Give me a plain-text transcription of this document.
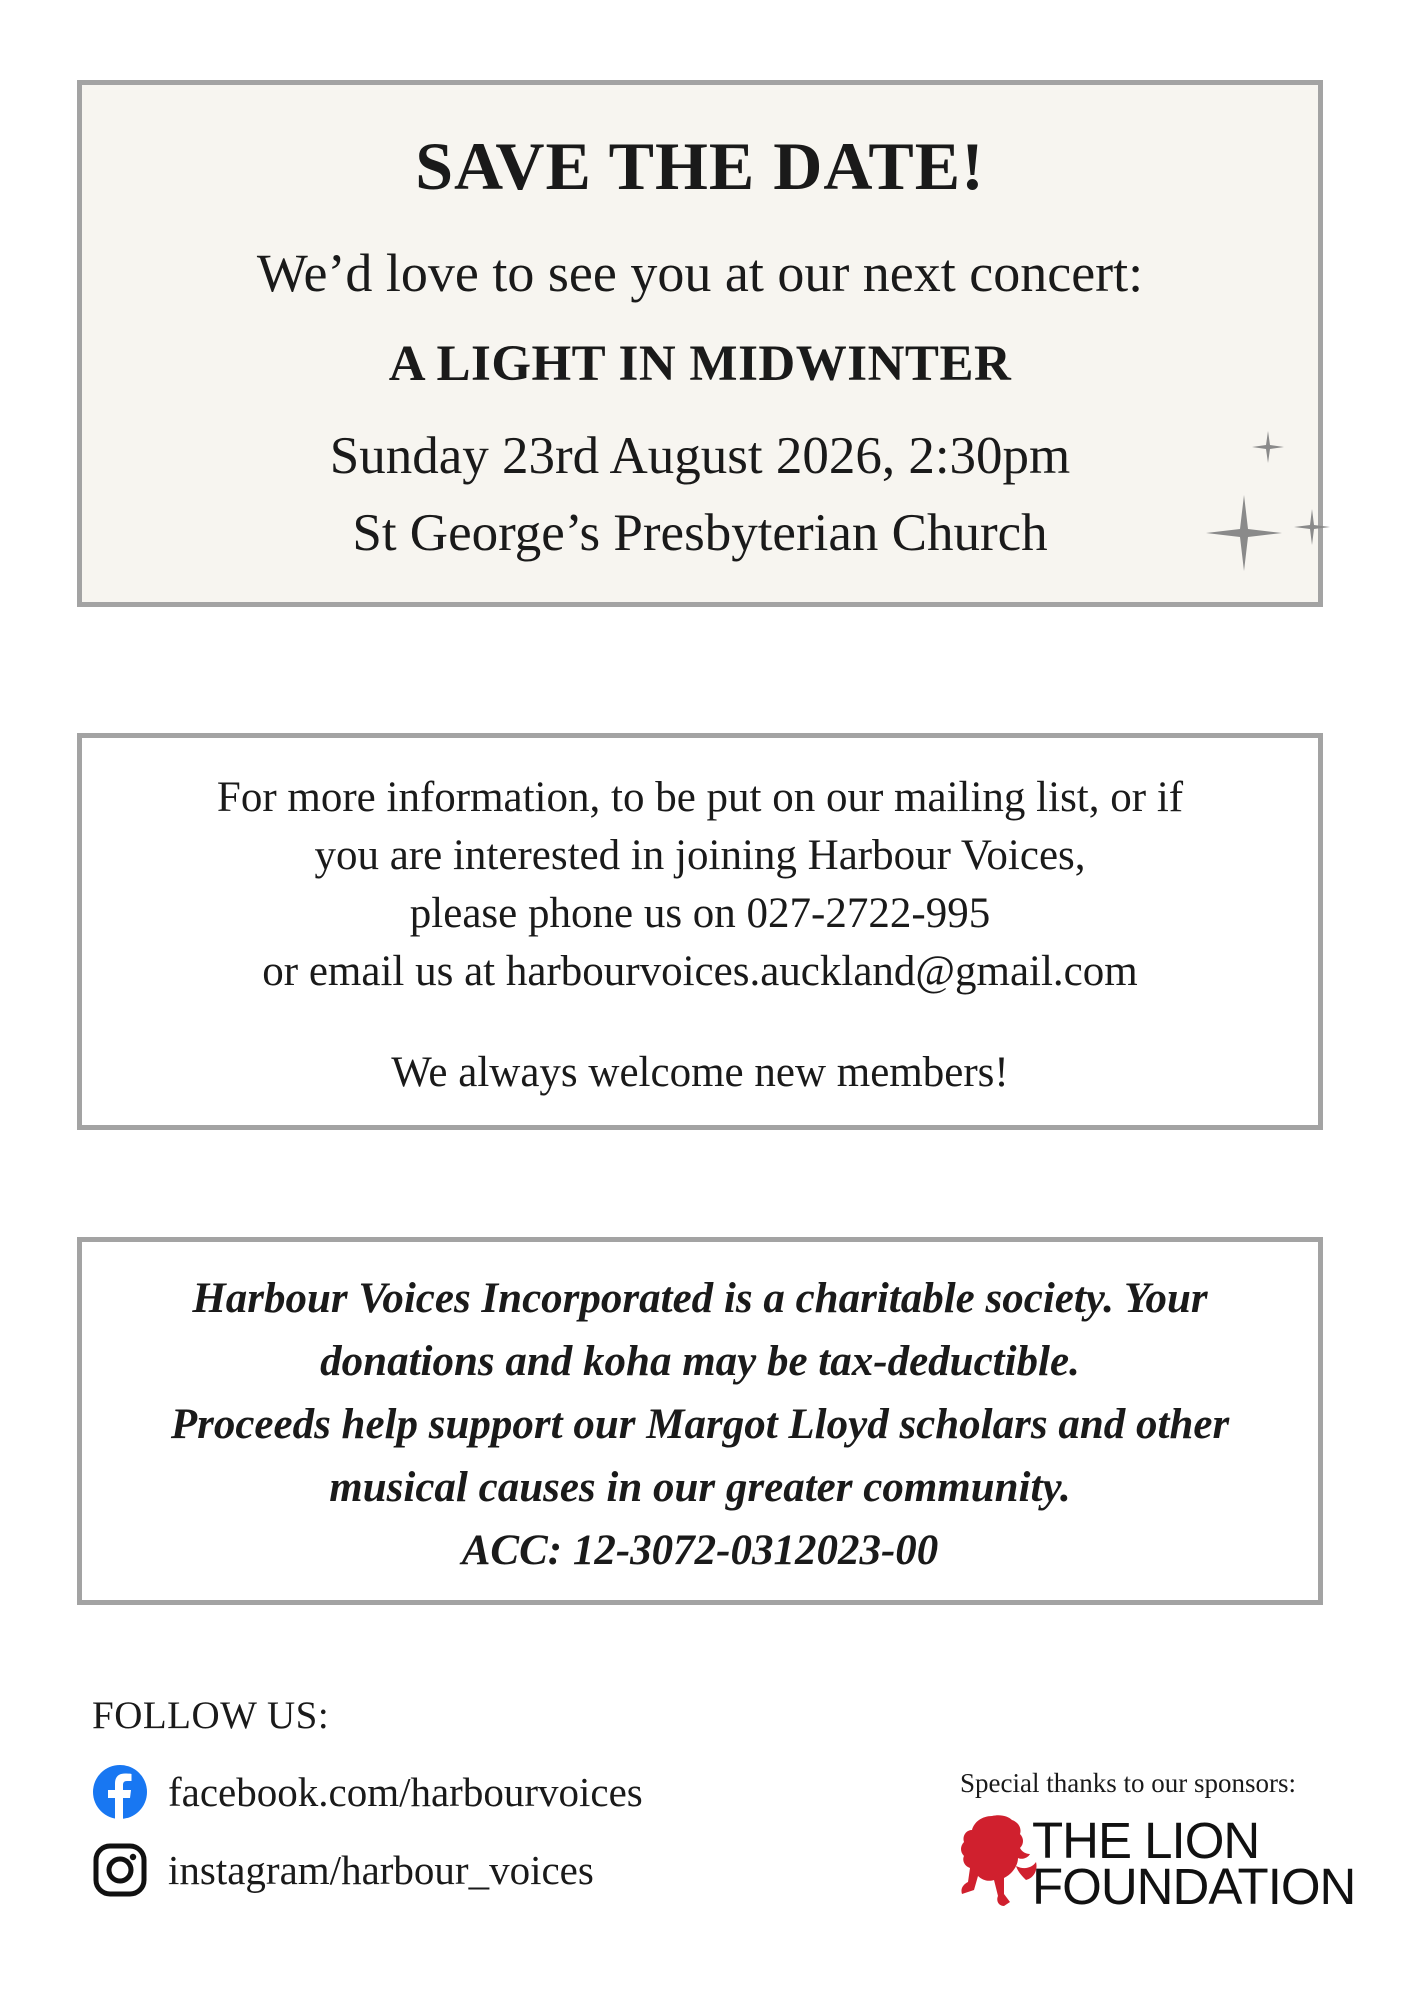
SAVE THE DATE!
We’d love to see you at our next concert:
A LIGHT IN MIDWINTER
Sunday 23rd August 2026, 2:30pm
St George’s Presbyterian Church
For more information, to be put on our mailing list, or if
you are interested in joining Harbour Voices,
please phone us on 027-2722-995
or email us at harbourvoices.auckland@gmail.com
We always welcome new members!
Harbour Voices Incorporated is a charitable society. Your
donations and koha may be tax-deductible.
Proceeds help support our Margot Lloyd scholars and other
musical causes in our greater community.
ACC: 12-3072-0312023-00
FOLLOW US:
facebook.com/harbourvoices
instagram/harbour_voices
Special thanks to our sponsors:
THE LION
FOUNDATION
